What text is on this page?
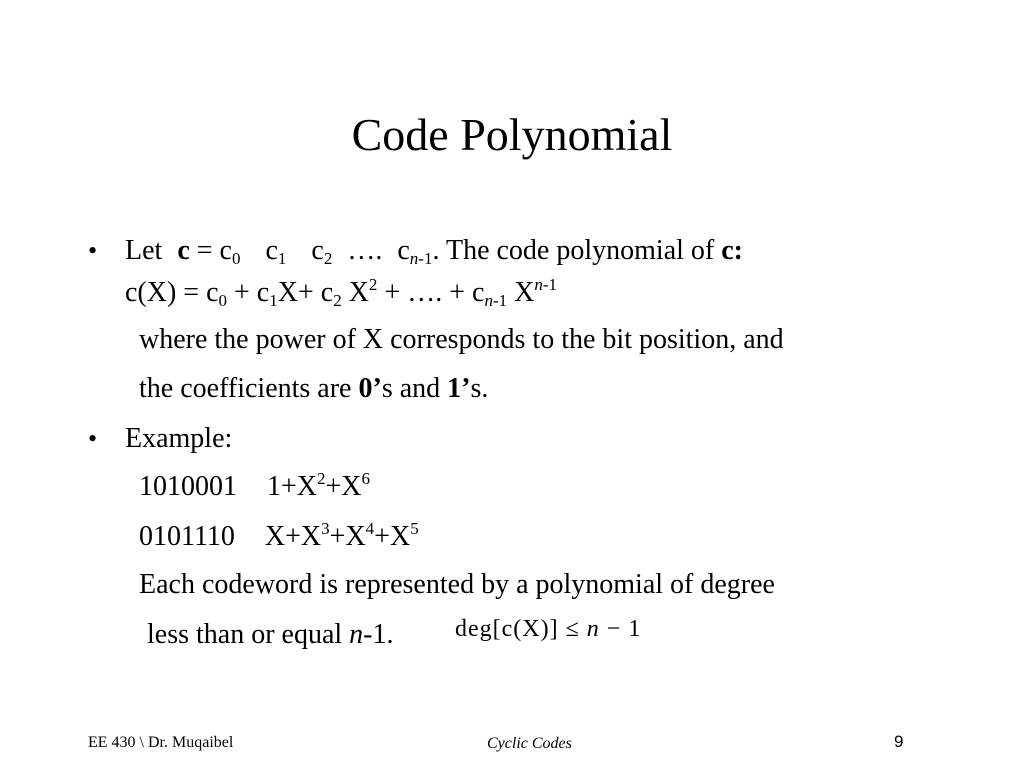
Code Polynomial
• Let $c = c_0$ $c_1$ $c_2$ …. $c_{n-1}$. The code polynomial of c:
$c(X) = c_0 + c_1X+ c_2$ $X^2$ + …. + $c_{n-1}$ $X^{n-1}$
where the power of X corresponds to the bit position, and
the coefficients are 0’s and 1’s.
• Example:
1010001 $1+X^2+X^6$
0101110 $X+X^3+X^4+X^5$
Each codeword is represented by a polynomial of degree
less than or equal n-1.	deg[c(X)] ≤ n − 1
EE 430 \ Dr. Muqaibel	Cyclic Codes	9
